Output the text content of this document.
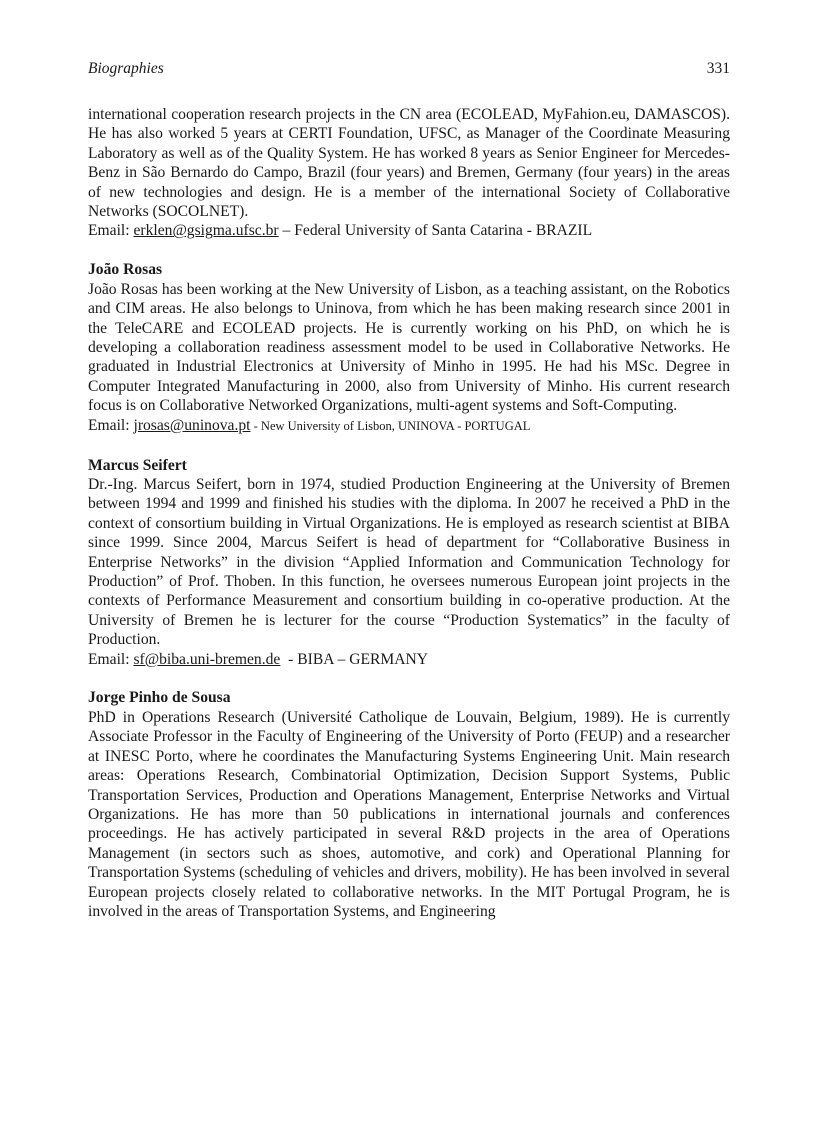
Biographies	331

international cooperation research projects in the CN area (ECOLEAD, MyFahion.eu, DAMASCOS). He has also worked 5 years at CERTI Foundation, UFSC, as Manager of the Coordinate Measuring Laboratory as well as of the Quality System. He has worked 8 years as Senior Engineer for Mercedes-Benz in São Bernardo do Campo, Brazil (four years) and Bremen, Germany (four years) in the areas of new technologies and design. He is a member of the international Society of Collaborative Networks (SOCOLNET).

Email: erklen@gsigma.ufsc.br – Federal University of Santa Catarina - BRAZIL

João Rosas

João Rosas has been working at the New University of Lisbon, as a teaching assistant, on the Robotics and CIM areas. He also belongs to Uninova, from which he has been making research since 2001 in the TeleCARE and ECOLEAD projects. He is currently working on his PhD, on which he is developing a collaboration readiness assessment model to be used in Collaborative Networks. He graduated in Industrial Electronics at University of Minho in 1995. He had his MSc. Degree in Computer Integrated Manufacturing in 2000, also from University of Minho. His current research focus is on Collaborative Networked Organizations, multi-agent systems and Soft-Computing.

Email: jrosas@uninova.pt - New University of Lisbon, UNINOVA - PORTUGAL

Marcus Seifert

Dr.-Ing. Marcus Seifert, born in 1974, studied Production Engineering at the University of Bremen between 1994 and 1999 and finished his studies with the diploma. In 2007 he received a PhD in the context of consortium building in Virtual Organizations. He is employed as research scientist at BIBA since 1999. Since 2004, Marcus Seifert is head of department for “Collaborative Business in Enterprise Networks” in the division “Applied Information and Communication Technology for Production” of Prof. Thoben. In this function, he oversees numerous European joint projects in the contexts of Performance Measurement and consortium building in co-operative production. At the University of Bremen he is lecturer for the course “Production Systematics” in the faculty of Production.

Email: sf@biba.uni-bremen.de  - BIBA – GERMANY

Jorge Pinho de Sousa

PhD in Operations Research (Université Catholique de Louvain, Belgium, 1989). He is currently Associate Professor in the Faculty of Engineering of the University of Porto (FEUP) and a researcher at INESC Porto, where he coordinates the Manufacturing Systems Engineering Unit. Main research areas: Operations Research, Combinatorial Optimization, Decision Support Systems, Public Transportation Services, Production and Operations Management, Enterprise Networks and Virtual Organizations. He has more than 50 publications in international journals and conferences proceedings. He has actively participated in several R&D projects in the area of Operations Management (in sectors such as shoes, automotive, and cork) and Operational Planning for Transportation Systems (scheduling of vehicles and drivers, mobility). He has been involved in several European projects closely related to collaborative networks. In the MIT Portugal Program, he is involved in the areas of Transportation Systems, and Engineering
